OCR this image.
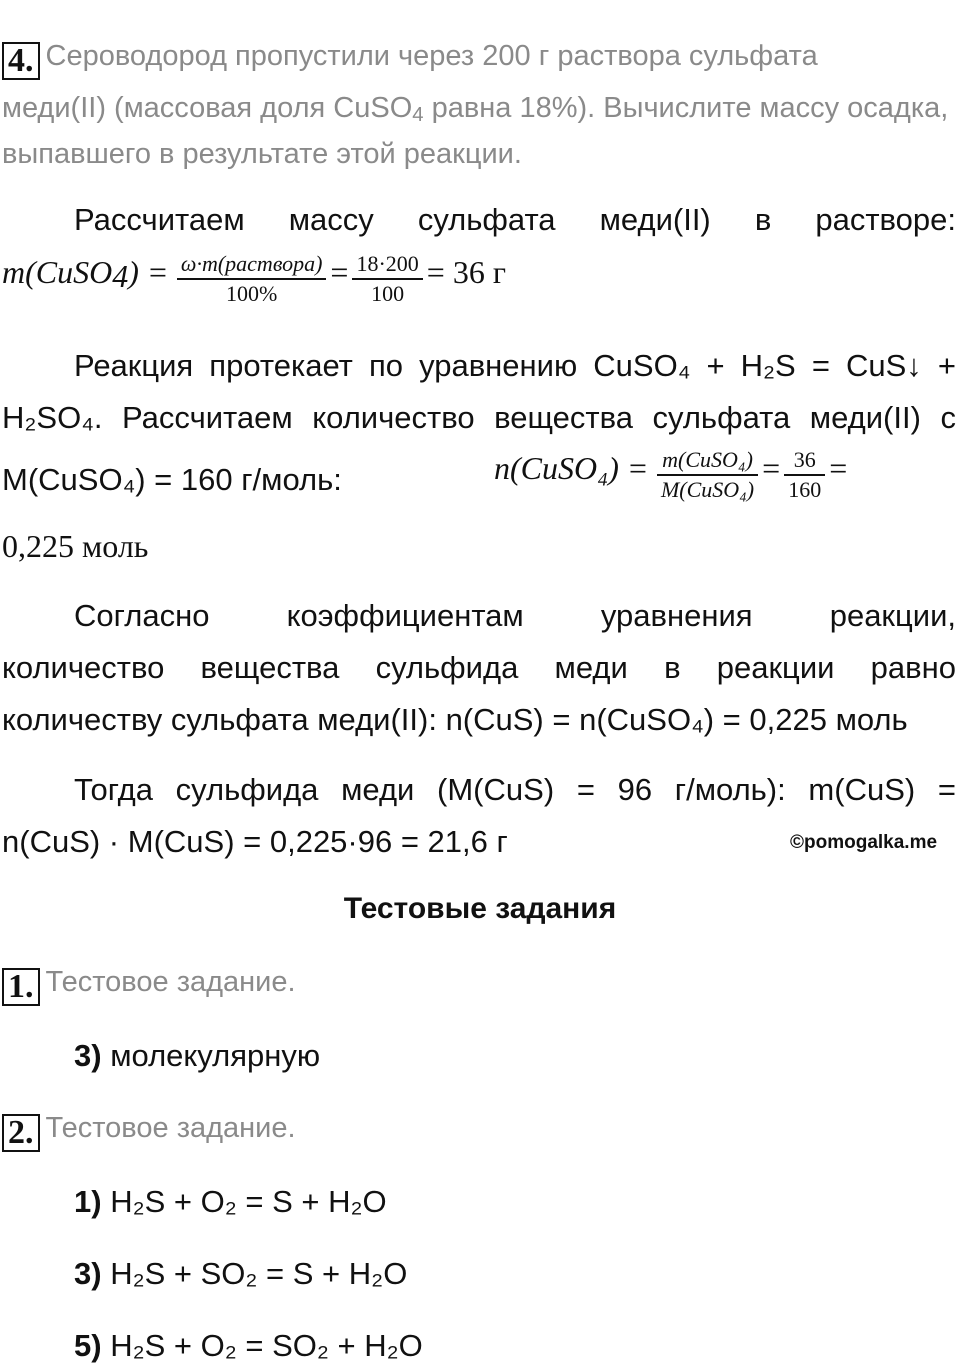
4. Сероводород пропустили через 200 г раствора сульфата
меди(II) (массовая доля CuSO$_4$ равна 18%). Вычислите массу осадка,
выпавшего в результате этой реакции.
Рассчитаем массу сульфата меди(II) в растворе:
m(CuSO$_4$) = $\frac{\text{ω·m(раствора)}}{100\%} = \frac{18\cdot 200}{100} = 36$ г
Реакция протекает по уравнению CuSO₄ + H₂S = CuS↓ +
H₂SO₄. Рассчитаем количество вещества сульфата меди(II) с
M(CuSO₄) = 160 г/моль:	n(CuSO₄) = $\frac{\text{m(CuSO₄)}}{\text{M(CuSO₄)}} = \frac{36}{160}$ =
0,225 моль
Согласно коэффициентам уравнения реакции,
количество вещества сульфида меди в реакции равно
количеству сульфата меди(II): n(CuS) = n(CuSO₄) = 0,225 моль
Тогда сульфида меди (M(CuS) = 96 г/моль): m(CuS) =
n(CuS) · M(CuS) = 0,225·96 = 21,6 г	©pomogalka.me
Тестовые задания
1. Тестовое задание.
3) молекулярную
2. Тестовое задание.
1) H₂S + O₂ = S + H₂O
3) H₂S + SO₂ = S + H₂O
5) H₂S + O₂ = SO₂ + H₂O
